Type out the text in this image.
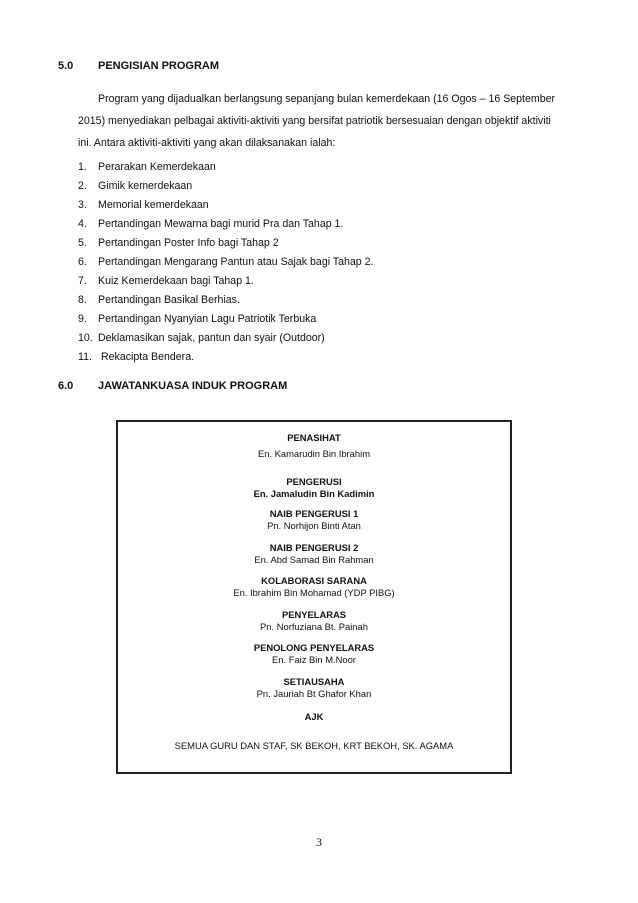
5.0 PENGISIAN PROGRAM
Program yang dijadualkan berlangsung sepanjang bulan kemerdekaan (16 Ogos – 16 September
2015) menyediakan pelbagai aktiviti-aktiviti yang bersifat patriotik bersesuaian dengan objektif aktiviti
ini. Antara aktiviti-aktiviti yang akan dilaksanakan ialah:
1. Perarakan Kemerdekaan
2. Gimik kemerdekaan
3. Memorial kemerdekaan
4. Pertandingan Mewarna bagi murid Pra dan Tahap 1.
5. Pertandingan Poster Info bagi Tahap 2
6. Pertandingan Mengarang Pantun atau Sajak bagi Tahap 2.
7. Kuiz Kemerdekaan bagi Tahap 1.
8. Pertandingan Basikal Berhias.
9. Pertandingan Nyanyian Lagu Patriotik Terbuka
10. Deklamasikan sajak, pantun dan syair (Outdoor)
11. Rekacipta Bendera.
6.0 JAWATANKUASA INDUK PROGRAM
PENASIHAT
En. Kamarudin Bin Ibrahim
PENGERUSI
En. Jamaludin Bin Kadimin
NAIB PENGERUSI 1
Pn. Norhijon Binti Atan
NAIB PENGERUSI 2
En. Abd Samad Bin Rahman
KOLABORASI SARANA
En. Ibrahim Bin Mohamad (YDP PIBG)
PENYELARAS
Pn. Norfuziana Bt. Painah
PENOLONG PENYELARAS
En. Faiz Bin M.Noor
SETIAUSAHA
Pn. Jauriah Bt Ghafor Khan
AJK
SEMUA GURU DAN STAF, SK BEKOH, KRT BEKOH, SK. AGAMA
3
